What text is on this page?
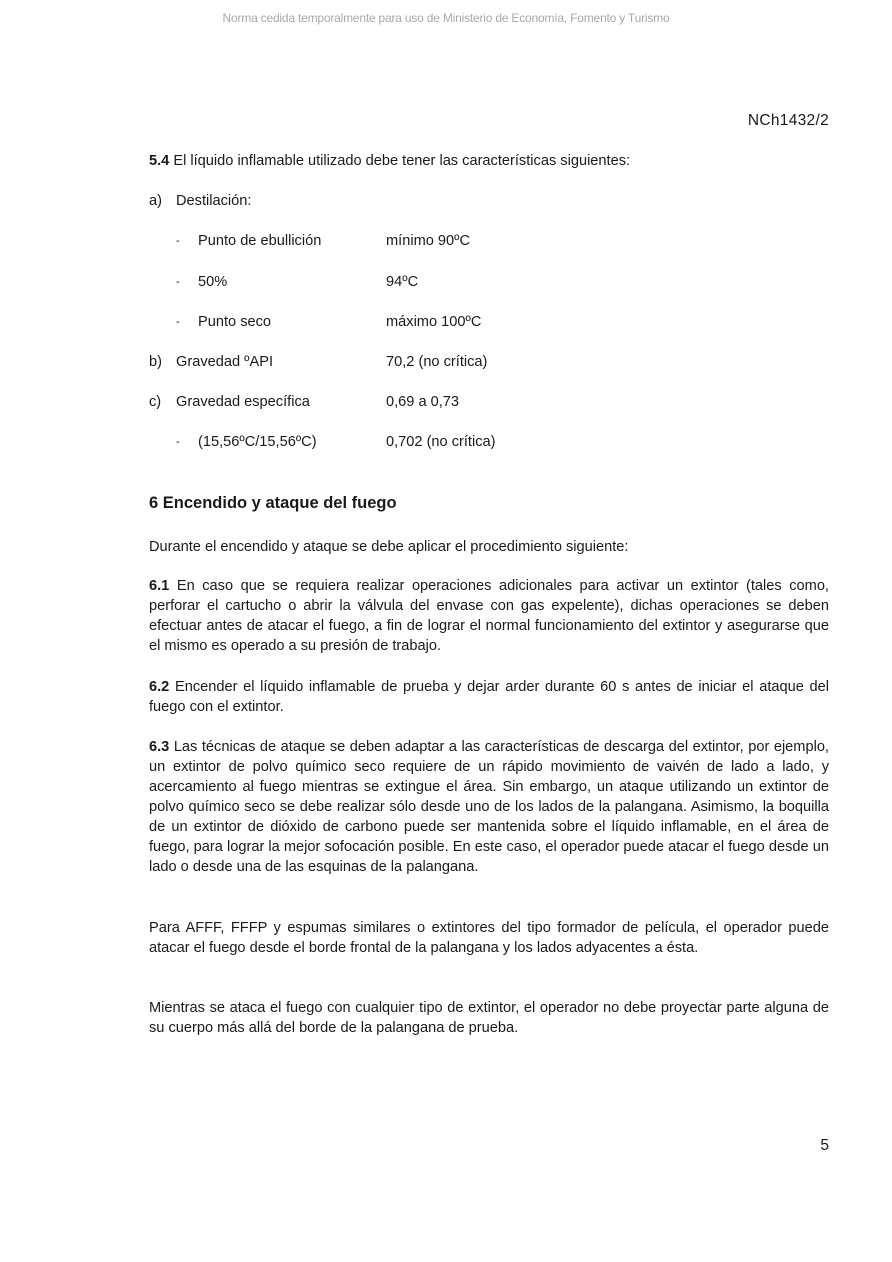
Norma cedida temporalmente para uso de Ministerio de Economía, Fomento y Turismo
NCh1432/2
5.4 El líquido inflamable utilizado debe tener las características siguientes:
a) Destilación:
- Punto de ebullición	mínimo 90ºC
- 50%	94ºC
- Punto seco	máximo 100ºC
b) Gravedad ºAPI	70,2 (no crítica)
c) Gravedad específica	0,69 a 0,73
- (15,56ºC/15,56ºC)	0,702 (no crítica)
6 Encendido y ataque del fuego
Durante el encendido y ataque se debe aplicar el procedimiento siguiente:
6.1 En caso que se requiera realizar operaciones adicionales para activar un extintor (tales como, perforar el cartucho o abrir la válvula del envase con gas expelente), dichas operaciones se deben efectuar antes de atacar el fuego, a fin de lograr el normal funcionamiento del extintor y asegurarse que el mismo es operado a su presión de trabajo.
6.2 Encender el líquido inflamable de prueba y dejar arder durante 60 s antes de iniciar el ataque del fuego con el extintor.
6.3 Las técnicas de ataque se deben adaptar a las características de descarga del extintor, por ejemplo, un extintor de polvo químico seco requiere de un rápido movimiento de vaivén de lado a lado, y acercamiento al fuego mientras se extingue el área. Sin embargo, un ataque utilizando un extintor de polvo químico seco se debe realizar sólo desde uno de los lados de la palangana. Asimismo, la boquilla de un extintor de dióxido de carbono puede ser mantenida sobre el líquido inflamable, en el área de fuego, para lograr la mejor sofocación posible. En este caso, el operador puede atacar el fuego desde un lado o desde una de las esquinas de la palangana.
Para AFFF, FFFP y espumas similares o extintores del tipo formador de película, el operador puede atacar el fuego desde el borde frontal de la palangana y los lados adyacentes a ésta.
Mientras se ataca el fuego con cualquier tipo de extintor, el operador no debe proyectar parte alguna de su cuerpo más allá del borde de la palangana de prueba.
5
